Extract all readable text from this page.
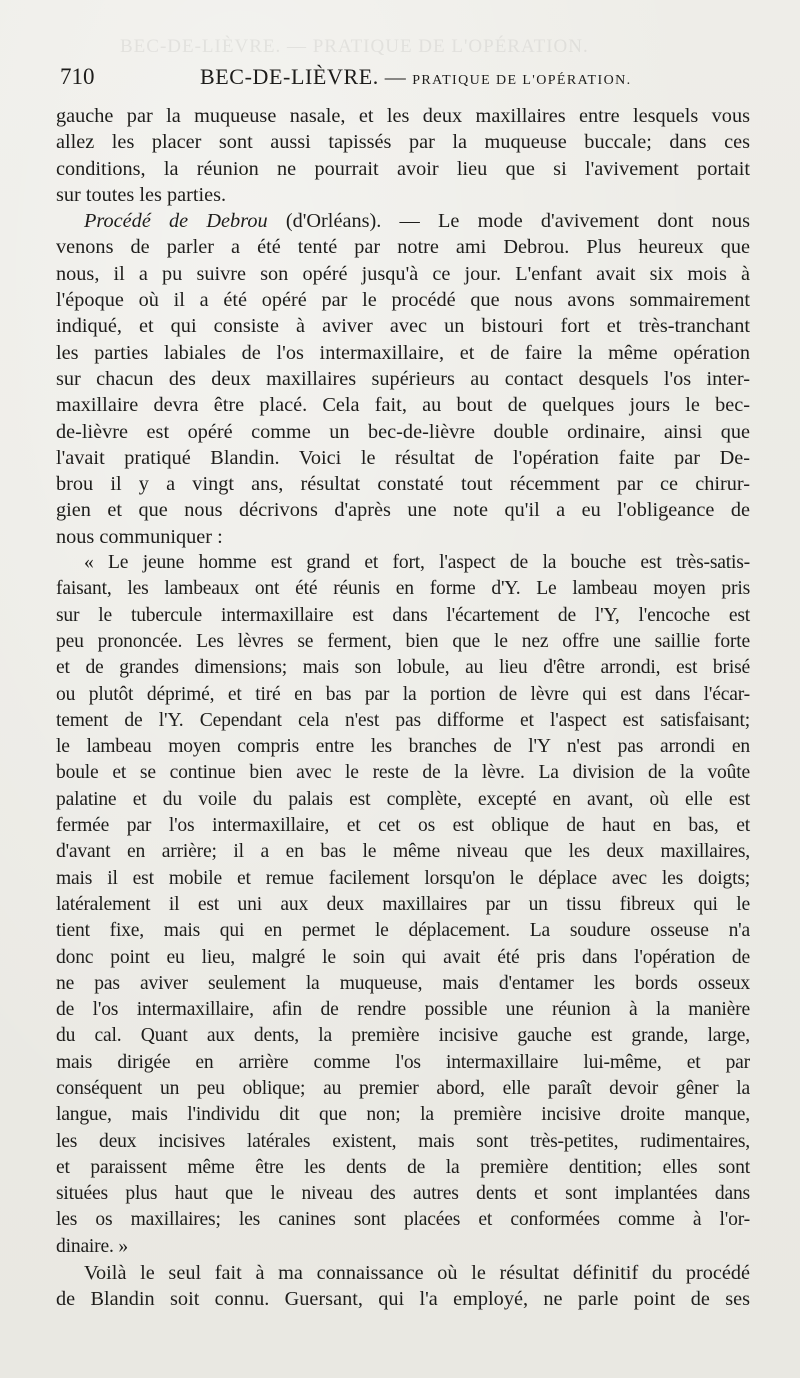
BEC-DE-LIÈVRE. — PRATIQUE DE L'OPÉRATION.
710	BEC-DE-LIÈVRE. — PRATIQUE DE L'OPÉRATION.
gauche par la muqueuse nasale, et les deux maxillaires entre lesquels vous
allez les placer sont aussi tapissés par la muqueuse buccale; dans ces
conditions, la réunion ne pourrait avoir lieu que si l'avivement portait
sur toutes les parties.
Procédé de Debrou (d'Orléans). — Le mode d'avivement dont nous
venons de parler a été tenté par notre ami Debrou. Plus heureux que
nous, il a pu suivre son opéré jusqu'à ce jour. L'enfant avait six mois à
l'époque où il a été opéré par le procédé que nous avons sommairement
indiqué, et qui consiste à aviver avec un bistouri fort et très-tranchant
les parties labiales de l'os intermaxillaire, et de faire la même opération
sur chacun des deux maxillaires supérieurs au contact desquels l'os inter-
maxillaire devra être placé. Cela fait, au bout de quelques jours le bec-
de-lièvre est opéré comme un bec-de-lièvre double ordinaire, ainsi que
l'avait pratiqué Blandin. Voici le résultat de l'opération faite par De-
brou il y a vingt ans, résultat constaté tout récemment par ce chirur-
gien et que nous décrivons d'après une note qu'il a eu l'obligeance de
nous communiquer :
« Le jeune homme est grand et fort, l'aspect de la bouche est très-satis-
faisant, les lambeaux ont été réunis en forme d'Y. Le lambeau moyen pris
sur le tubercule intermaxillaire est dans l'écartement de l'Y, l'encoche est
peu prononcée. Les lèvres se ferment, bien que le nez offre une saillie forte
et de grandes dimensions; mais son lobule, au lieu d'être arrondi, est brisé
ou plutôt déprimé, et tiré en bas par la portion de lèvre qui est dans l'écar-
tement de l'Y. Cependant cela n'est pas difforme et l'aspect est satisfaisant;
le lambeau moyen compris entre les branches de l'Y n'est pas arrondi en
boule et se continue bien avec le reste de la lèvre. La division de la voûte
palatine et du voile du palais est complète, excepté en avant, où elle est
fermée par l'os intermaxillaire, et cet os est oblique de haut en bas, et
d'avant en arrière; il a en bas le même niveau que les deux maxillaires,
mais il est mobile et remue facilement lorsqu'on le déplace avec les doigts;
latéralement il est uni aux deux maxillaires par un tissu fibreux qui le
tient fixe, mais qui en permet le déplacement. La soudure osseuse n'a
donc point eu lieu, malgré le soin qui avait été pris dans l'opération de
ne pas aviver seulement la muqueuse, mais d'entamer les bords osseux
de l'os intermaxillaire, afin de rendre possible une réunion à la manière
du cal. Quant aux dents, la première incisive gauche est grande, large,
mais dirigée en arrière comme l'os intermaxillaire lui-même, et par
conséquent un peu oblique; au premier abord, elle paraît devoir gêner la
langue, mais l'individu dit que non; la première incisive droite manque,
les deux incisives latérales existent, mais sont très-petites, rudimentaires,
et paraissent même être les dents de la première dentition; elles sont
situées plus haut que le niveau des autres dents et sont implantées dans
les os maxillaires; les canines sont placées et conformées comme à l'or-
dinaire. »
Voilà le seul fait à ma connaissance où le résultat définitif du procédé
de Blandin soit connu. Guersant, qui l'a employé, ne parle point de ses
